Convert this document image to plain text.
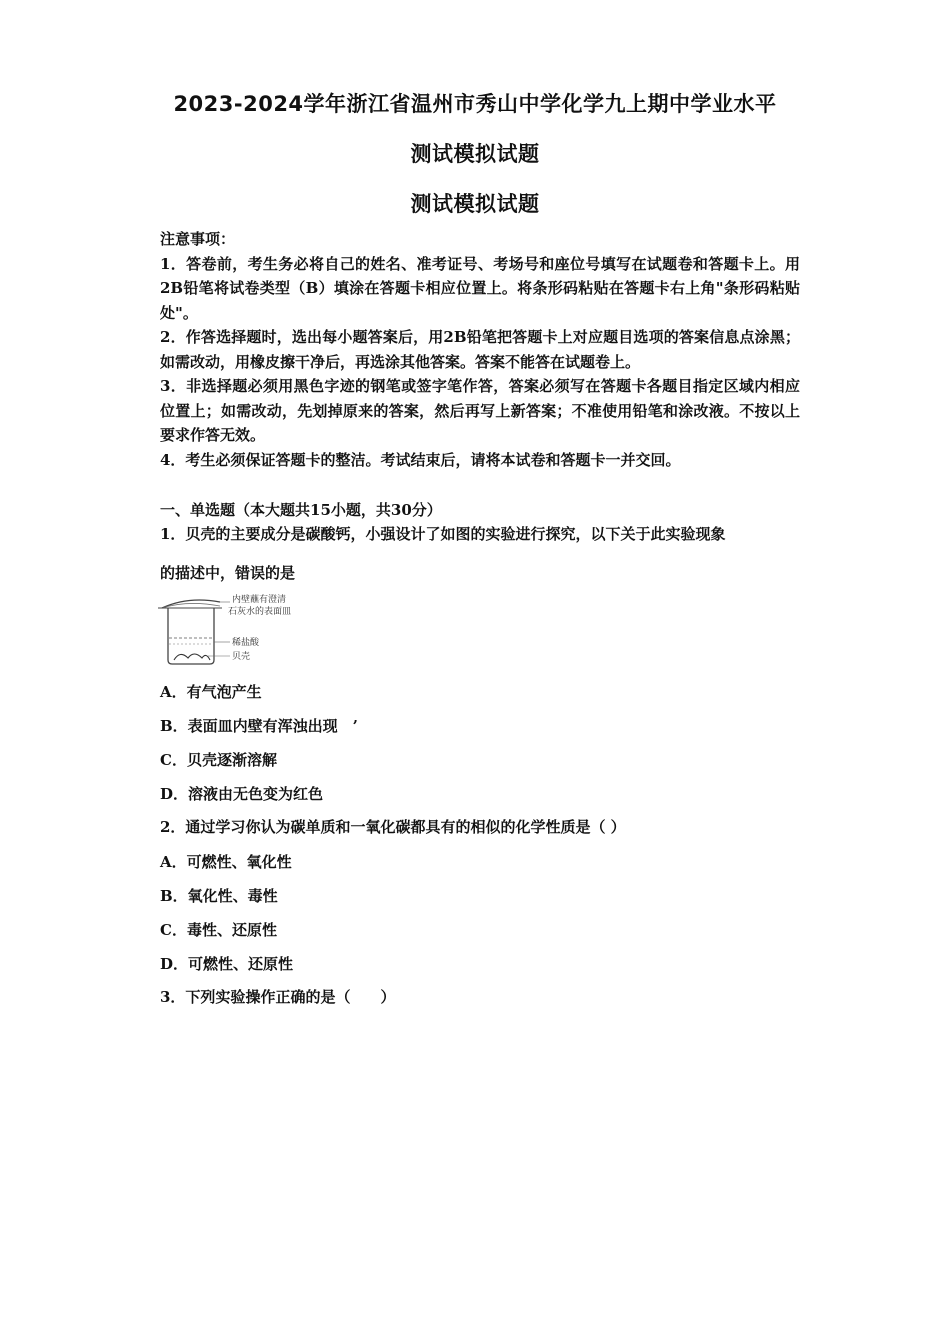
2023-2024学年浙江省温州市秀山中学化学九上期中学业水平
测试模拟试题
测试模拟试题

注意事项：

1．答卷前，考生务必将自己的姓名、准考证号、考场号和座位号填写在试题卷和答题卡上。用2B铅笔将试卷类型（B）填涂在答题卡相应位置上。将条形码粘贴在答题卡右上角"条形码粘贴处"。

2．作答选择题时，选出每小题答案后，用2B铅笔把答题卡上对应题目选项的答案信息点涂黑；如需改动，用橡皮擦干净后，再选涂其他答案。答案不能答在试题卷上。

3．非选择题必须用黑色字迹的钢笔或签字笔作答，答案必须写在答题卡各题目指定区域内相应位置上；如需改动，先划掉原来的答案，然后再写上新答案；不准使用铅笔和涂改液。不按以上要求作答无效。

4．考生必须保证答题卡的整洁。考试结束后，请将本试卷和答题卡一并交回。

一、单选题（本大题共15小题，共30分）
1．贝壳的主要成分是碳酸钙，小强设计了如图的实验进行探究，以下关于此实验现象
的描述中，错误的是
内壁蘸有澄清
石灰水的表面皿
稀盐酸
贝壳
A．有气泡产生
B．表面皿内壁有浑浊出现　’
C．贝壳逐渐溶解
D．溶液由无色变为红色
2．通过学习你认为碳单质和一氧化碳都具有的相似的化学性质是（ ）
A．可燃性、氧化性
B．氧化性、毒性
C．毒性、还原性
D．可燃性、还原性
3．下列实验操作正确的是（　　）
